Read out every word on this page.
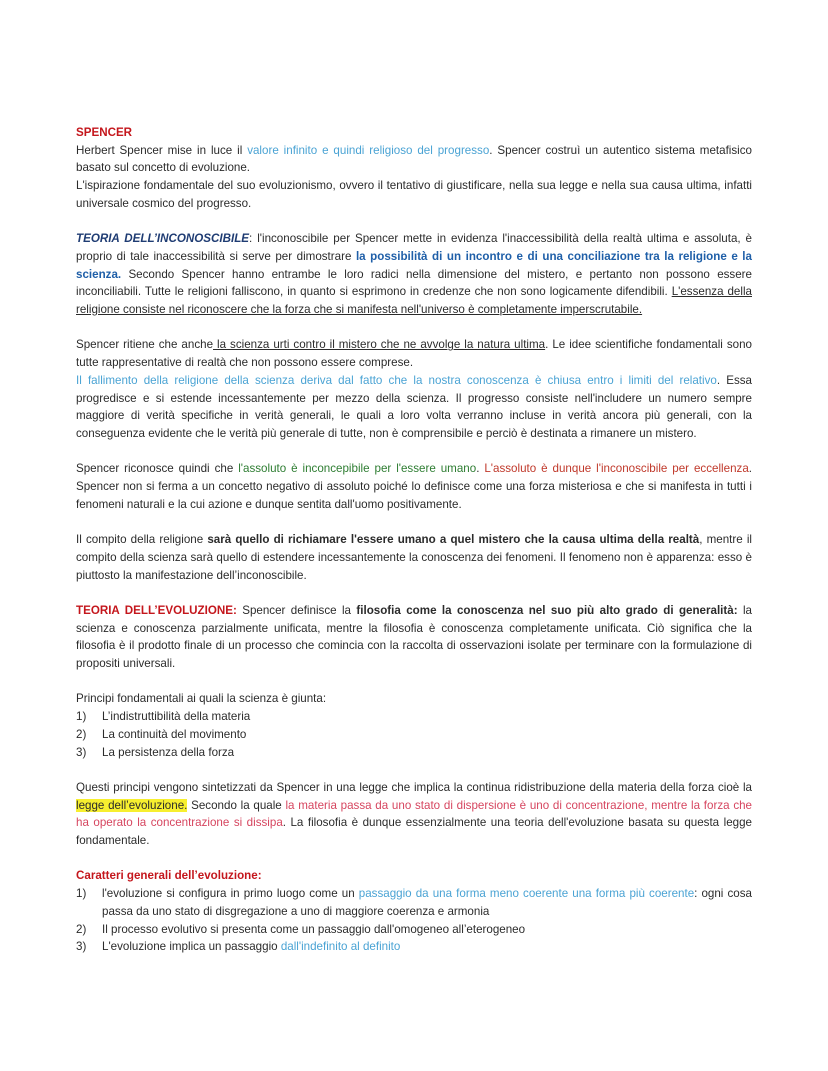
SPENCER

Herbert Spencer mise in luce il valore infinito e quindi religioso del progresso. Spencer costruì un autentico sistema metafisico basato sul concetto di evoluzione.

L'ispirazione fondamentale del suo evoluzionismo, ovvero il tentativo di giustificare, nella sua legge e nella sua causa ultima, infatti universale cosmico del progresso.

TEORIA DELL’INCONOSCIBILE: l'inconoscibile per Spencer mette in evidenza l'inaccessibilità della realtà ultima e assoluta, è proprio di tale inaccessibilità si serve per dimostrare la possibilità di un incontro e di una conciliazione tra la religione e la scienza. Secondo Spencer hanno entrambe le loro radici nella dimensione del mistero, e pertanto non possono essere inconciliabili. Tutte le religioni falliscono, in quanto si esprimono in credenze che non sono logicamente difendibili. L'essenza della religione consiste nel riconoscere che la forza che si manifesta nell'universo è completamente imperscrutabile.

Spencer ritiene che anche la scienza urti contro il mistero che ne avvolge la natura ultima. Le idee scientifiche fondamentali sono tutte rappresentative di realtà che non possono essere comprese.

Il fallimento della religione della scienza deriva dal fatto che la nostra conoscenza è chiusa entro i limiti del relativo. Essa progredisce e si estende incessantemente per mezzo della scienza. Il progresso consiste nell'includere un numero sempre maggiore di verità specifiche in verità generali, le quali a loro volta verranno incluse in verità ancora più generali, con la conseguenza evidente che le verità più generale di tutte, non è comprensibile e perciò è destinata a rimanere un mistero.

Spencer riconosce quindi che l'assoluto è inconcepibile per l'essere umano. L'assoluto è dunque l'inconoscibile per eccellenza. Spencer non si ferma a un concetto negativo di assoluto poiché lo definisce come una forza misteriosa e che si manifesta in tutti i fenomeni naturali e la cui azione e dunque sentita dall'uomo positivamente.

Il compito della religione sarà quello di richiamare l'essere umano a quel mistero che la causa ultima della realtà, mentre il compito della scienza sarà quello di estendere incessantemente la conoscenza dei fenomeni. Il fenomeno non è apparenza: esso è piuttosto la manifestazione dell’inconoscibile.

TEORIA DELL’EVOLUZIONE: Spencer definisce la filosofia come la conoscenza nel suo più alto grado di generalità: la scienza e conoscenza parzialmente unificata, mentre la filosofia è conoscenza completamente unificata. Ciò significa che la filosofia è il prodotto finale di un processo che comincia con la raccolta di osservazioni isolate per terminare con la formulazione di propositi universali.

Principi fondamentali ai quali la scienza è giunta:

1) L’indistruttibilità della materia
2) La continuità del movimento
3) La persistenza della forza

Questi principi vengono sintetizzati da Spencer in una legge che implica la continua ridistribuzione della materia della forza cioè la legge dell’evoluzione. Secondo la quale la materia passa da uno stato di dispersione è uno di concentrazione, mentre la forza che ha operato la concentrazione si dissipa. La filosofia è dunque essenzialmente una teoria dell'evoluzione basata su questa legge fondamentale.

Caratteri generali dell’evoluzione:

1) l'evoluzione si configura in primo luogo come un passaggio da una forma meno coerente una forma più coerente: ogni cosa passa da uno stato di disgregazione a uno di maggiore coerenza e armonia
2) Il processo evolutivo si presenta come un passaggio dall'omogeneo all’eterogeneo
3) L'evoluzione implica un passaggio dall'indefinito al definito
